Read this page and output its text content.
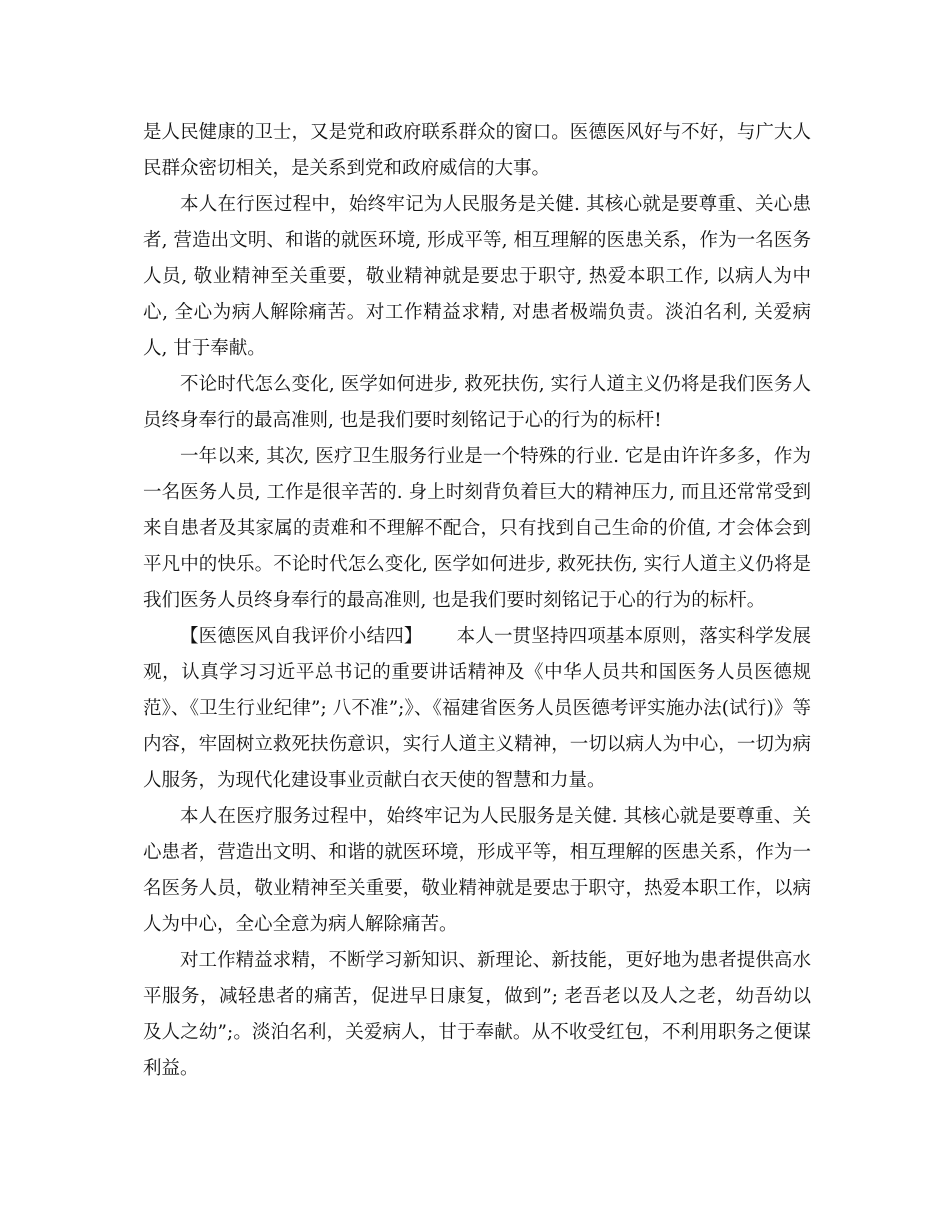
是人民健康的卫士，又是党和政府联系群众的窗口。医德医风好与不好，与广大人民群众密切相关，是关系到党和政府威信的大事。

本人在行医过程中，始终牢记为人民服务是关健. 其核心就是要尊重、关心患者, 营造出文明、和谐的就医环境, 形成平等, 相互理解的医患关系，作为一名医务人员, 敬业精神至关重要，敬业精神就是要忠于职守, 热爱本职工作, 以病人为中心, 全心为病人解除痛苦。对工作精益求精, 对患者极端负责。淡泊名利, 关爱病人, 甘于奉献。

不论时代怎么变化, 医学如何进步, 救死扶伤, 实行人道主义仍将是我们医务人员终身奉行的最高准则, 也是我们要时刻铭记于心的行为的标杆!

一年以来, 其次, 医疗卫生服务行业是一个特殊的行业. 它是由许许多多，作为一名医务人员, 工作是很辛苦的. 身上时刻背负着巨大的精神压力, 而且还常常受到来自患者及其家属的责难和不理解不配合，只有找到自己生命的价值, 才会体会到平凡中的快乐。不论时代怎么变化, 医学如何进步, 救死扶伤, 实行人道主义仍将是我们医务人员终身奉行的最高准则, 也是我们要时刻铭记于心的行为的标杆。

【医德医风自我评价小结四】 本人一贯坚持四项基本原则，落实科学发展观，认真学习习近平总书记的重要讲话精神及《中华人员共和国医务人员医德规范》、《卫生行业纪律”; 八不准”;》、《福建省医务人员医德考评实施办法(试行)》等内容，牢固树立救死扶伤意识，实行人道主义精神，一切以病人为中心，一切为病人服务，为现代化建设事业贡献白衣天使的智慧和力量。

本人在医疗服务过程中，始终牢记为人民服务是关健. 其核心就是要尊重、关心患者，营造出文明、和谐的就医环境，形成平等，相互理解的医患关系，作为一名医务人员，敬业精神至关重要，敬业精神就是要忠于职守，热爱本职工作，以病人为中心，全心全意为病人解除痛苦。

对工作精益求精，不断学习新知识、新理论、新技能，更好地为患者提供高水平服务，减轻患者的痛苦，促进早日康复，做到”; 老吾老以及人之老，幼吾幼以及人之幼”;。淡泊名利，关爱病人，甘于奉献。从不收受红包，不利用职务之便谋利益。
